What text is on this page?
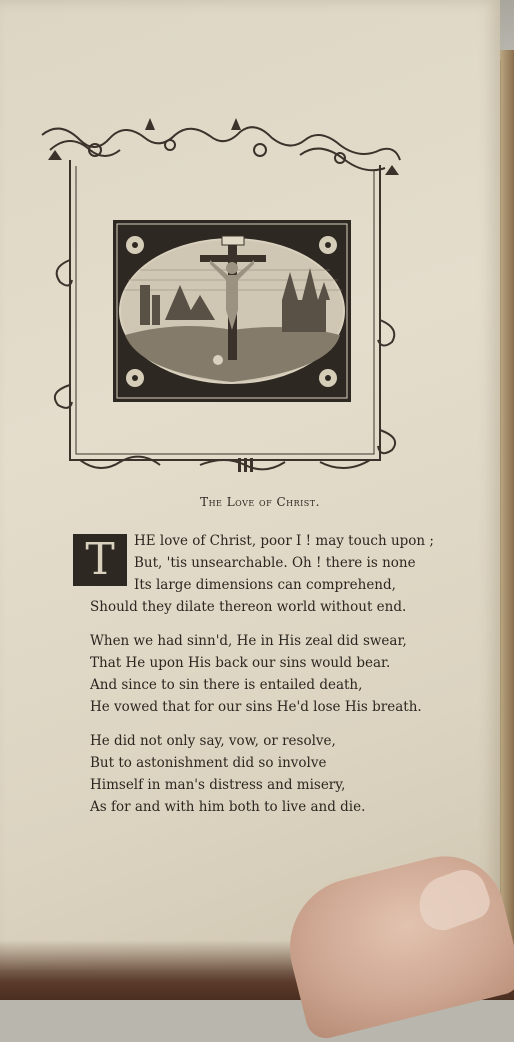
The Love of Christ.
T	HE love of Christ, poor I ! may touch upon ;
But, 'tis unsearchable. Oh ! there is none
Its large dimensions can comprehend,
Should they dilate thereon world without end.
When we had sinn'd, He in His zeal did swear,
That He upon His back our sins would bear.
And since to sin there is entailed death,
He vowed that for our sins He'd lose His breath.
He did not only say, vow, or resolve,
But to astonishment did so involve
Himself in man's distress and misery,
As for and with him both to live and die.
